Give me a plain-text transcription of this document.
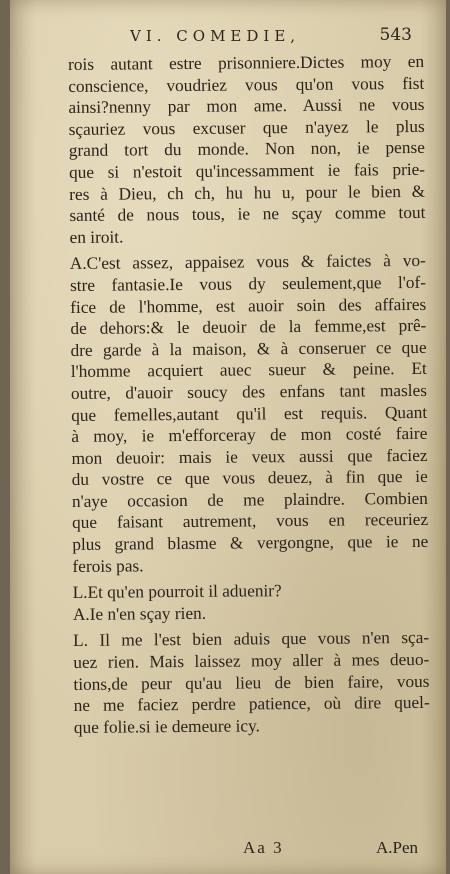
VI. COMEDIE,	543
rois autant estre prisonniere.Dictes moy en
conscience, voudriez vous qu'on vous fist
ainsi?nenny par mon ame. Aussi ne vous
sçauriez vous excuser que n'ayez le plus
grand tort du monde. Non non, ie pense
que si n'estoit qu'incessamment ie fais prie-
res à Dieu, ch ch, hu hu u, pour le bien &
santé de nous tous, ie ne sçay comme tout
en iroit.
A.C'est assez, appaisez vous & faictes à vo-
stre fantasie.Ie vous dy seulement,que l'of-
fice de l'homme, est auoir soin des affaires
de dehors:& le deuoir de la femme,est prê-
dre garde à la maison, & à conseruer ce que
l'homme acquiert auec sueur & peine. Et
outre, d'auoir soucy des enfans tant masles
que femelles,autant qu'il est requis. Quant
à moy, ie m'efforceray de mon costé faire
mon deuoir: mais ie veux aussi que faciez
du vostre ce que vous deuez, à fin que ie
n'aye occasion de me plaindre. Combien
que faisant autrement, vous en receuriez
plus grand blasme & vergongne, que ie ne
ferois pas.
L.Et qu'en pourroit il aduenir?
A.Ie n'en sçay rien.
L. Il me l'est bien aduis que vous n'en sça-
uez rien. Mais laissez moy aller à mes deuo-
tions,de peur qu'au lieu de bien faire, vous
ne me faciez perdre patience, où dire quel-
que folie.si ie demeure icy.
Aa 3	A.Pen
